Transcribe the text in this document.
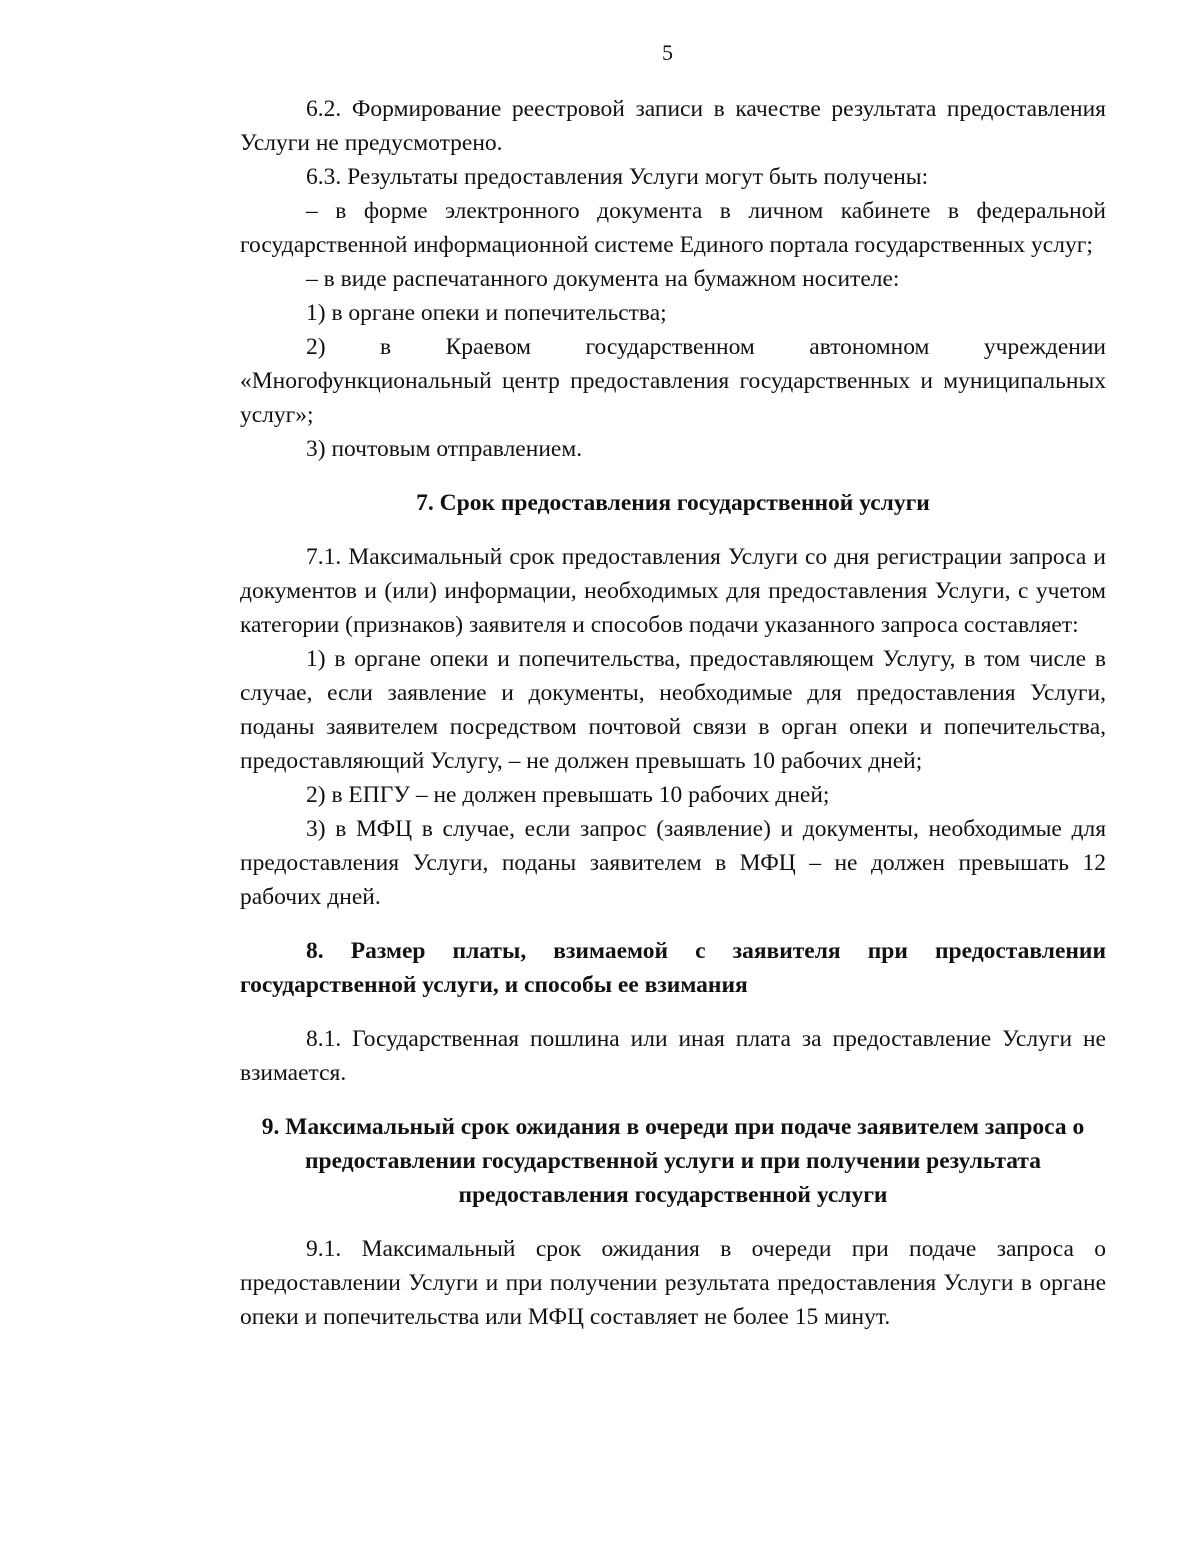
5

6.2. Формирование реестровой записи в качестве результата предоставления Услуги не предусмотрено.

6.3. Результаты предоставления Услуги могут быть получены:

– в форме электронного документа в личном кабинете в федеральной государственной информационной системе Единого портала государственных услуг;

– в виде распечатанного документа на бумажном носителе:

1) в органе опеки и попечительства;

2) в Краевом государственном автономном учреждении «Многофункциональный центр предоставления государственных и муниципальных услуг»;

3) почтовым отправлением.

7. Срок предоставления государственной услуги

7.1. Максимальный срок предоставления Услуги со дня регистрации запроса и документов и (или) информации, необходимых для предоставления Услуги, с учетом категории (признаков) заявителя и способов подачи указанного запроса составляет:

1) в органе опеки и попечительства, предоставляющем Услугу, в том числе в случае, если заявление и документы, необходимые для предоставления Услуги, поданы заявителем посредством почтовой связи в орган опеки и попечительства, предоставляющий Услугу, – не должен превышать 10 рабочих дней;

2) в ЕПГУ – не должен превышать 10 рабочих дней;

3) в МФЦ в случае, если запрос (заявление) и документы, необходимые для предоставления Услуги, поданы заявителем в МФЦ – не должен превышать 12 рабочих дней.

8. Размер платы, взимаемой с заявителя при предоставлении государственной услуги, и способы ее взимания

8.1. Государственная пошлина или иная плата за предоставление Услуги не взимается.

9. Максимальный срок ожидания в очереди при подаче заявителем запроса о предоставлении государственной услуги и при получении результата предоставления государственной услуги

9.1. Максимальный срок ожидания в очереди при подаче запроса о предоставлении Услуги и при получении результата предоставления Услуги в органе опеки и попечительства или МФЦ составляет не более 15 минут.
